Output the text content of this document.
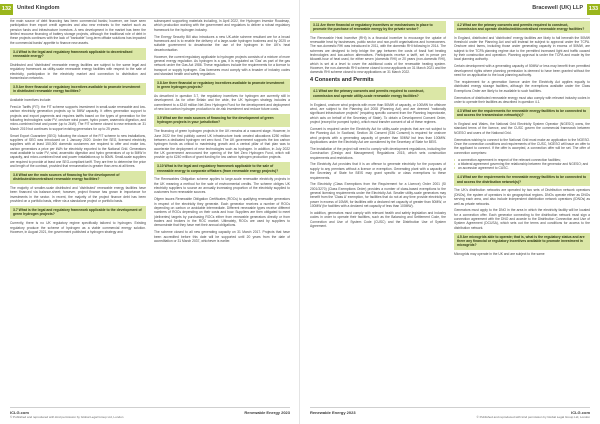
132	United Kingdom

the main source of debt financing has been commercial banks; however, we have seen participation from export credit agencies and also new entrants to the market such as pension funds and infrastructure investors. A new development in the market has been the limited recourse financing of battery storage projects, although the traditional role of debt in these projects continues with the lack of "bankable" long-term offtake solutions has impacted the commercial banks' appetite to finance new assets.

3.4 What is the legal and regulatory framework applicable to decentralised renewable energy?

Distributed and 'distributed' renewable energy facilities are subject to the same legal and regulatory framework as utility-scale renewable energy facilities with respect to the sale of electricity, participation in the electricity market and connection to distribution and transmission networks.

3.5 Are there financial or regulatory incentives available to promote investment in distributed renewable energy facilities?

Available incentives include:

Feed-in Tariffs (FIT): the FIT scheme supports investment in small-scale renewable and low-carbon electricity generation projects up to 5MW capacity. It offers generation support to projects and export payments and requires tariffs based on the types of generation for the following technologies: solar PV, onshore wind power, hydro power, anaerobic digestion, and micro-combined heat and power (up to 2kW). The FIT scheme closed to new entrants on 31 March 2019 but continues to support existing generators for up to 25 years.

Smart Export Guarantee (SEG): following the closure of the FIT scheme to new installations, suppliers of SEG was introduced on 1 January 2020. Under the SEG, licensed electricity suppliers with at least 150,000 domestic customers are required to offer and make low-carbon generators a price per kWh for electricity exported to the National Grid. Generators must available to solar PV, wind, anaerobic digestion and hydro generators of up to 5MW in capacity, and micro-combined heat and power installations up to 50kW. Small-scale suppliers are required to provide at least one SEG-compliant tariff. They are free to determine the price and length of the contract, provided that remuneration is greater than zero at all times.

3.6 What are the main sources of financing for the development of distributed/decentralised renewable energy facilities?

The majority of smaller-scale distributed and 'distributed' renewable energy facilities have been financed via balance-sheet; however, project finance has grown in importance for investments in the sector. In recent, the majority of the project finance debt has been provided on a portfolio basis, either via a standalone project or portfolio basis.

3.7 What is the legal and regulatory framework applicable to the development of green hydrogen projects?

Currently, there is no UK regulatory regime specifically tailored to hydrogen. Existing regulatory produce the scheme of hydrogen as a viable commercial energy solution. However, in August 2021, the government published a hydrogen strategy and

subsequent supporting materials including, in April 2022, the Hydrogen Investor Roadmap, which production working with the government and regulators to deliver a robust regulatory framework for the hydrogen industry.

The Energy Security Bill also introduces a new UK-wide scheme resultant are for a broad framework and is to enable the delivery of a large-scale hydrogen business and by 2025 or suitable government to decarbonise the use of the hydrogen in the UK's heat decarbonisation.

However, the current regulatory applicable to hydrogen projects consists of a mixture of more general energy regulation. As hydrogen is a gas, it is regulated as 'Gas' as part of the gas network under the Gas Act 1986. These regulations include the requirements for a licence to transport or supply hydrogen. Gas licensees must comply with a broader of industry codes and standard health and safety regulation.

3.8 Are there financial or regulatory incentives available to promote investment in green hydrogen projects?

As described in question 3.7, the regulatory incentives for hydrogen are currently still in development. As for other Britain and the wide, the UK hydrogen strategy includes a commitment to a £240 million Net Zero Hydrogen Fund for the development and deployment of new low carbon hydrogen production to de-risk investment and reduce future costs.

3.9 What are the main sources of financing for the development of green hydrogen projects in your jurisdiction?

The financing of green hydrogen projects in the UK remains at a nascent stage. However, in June 2022 the first publicly owned UK infrastructure bank created allocations £250 million between a dedicated hydrogen net zero fund. The UK government supports the low carbon hydrogen funds as critical to maximising growth and a central pillar of that plan was to accelerate the deployment of new technologies such as hydrogen. In addition, in July 2022 the UK government announced the opening of the Net Zero Hydrogen Fund, which will provide up to £240 million of grant funding for low carbon hydrogen production projects.

3.10 What is the legal and regulatory framework applicable to the sale of renewable energy to corporate offtakers (from renewable energy projects)?

The Renewables Obligation scheme applies to large-scale renewable electricity projects in the UK meaning a method for the sale of environmental credits. The scheme obliges UK electricity suppliers to source an annually increasing proportion of the electricity supplied to customers from renewable sources.

Ofgem issues Renewable Obligation Certificates (ROCs) to qualifying renewable generators in respect of the electricity they generate. Each generator receives a number of ROCs depending on carbon or avoidable intermediate. Different renewable types receive different numbers of ROCs depending on their costs and how. Suppliers are then obligated to meet (deliveries) targets by purchasing ROCs either from renewable generators directly or from traders and brokers in the ROC market. Ultimately, ROCs are used by suppliers to demonstrate that they have met their annual obligations.

The scheme closed to all new generating capacity on 31 March 2017. Projects that have been accredited before this date will be supported until 20 years from the date of accreditation or 31 March 2037, whichever is earlier.

ICLG.com
© Published and reproduced with kind permission by Global Legal Group Ltd, London
Renewable Energy 2023
133
Bracewell (UK) LLP
3.11 Are there financial or regulatory incentives or mechanisms in place to promote the purchase of renewable energy by the private sector?

The Renewable Heat Incentive (RHI) is a financial incentive to encourage the uptake of renewable heat by businesses, public sector and non-profit organisations and homeowners. The non-domestic RHI was introduced in 2011, with the domestic RHI following in 2014. The schemes are designed to help bridge the gap between the costs of fossil fuel heating technologies and low-carbon alternatives. Participants receive a tariff, set in pence per kilowatt-hour of heat used, for either seven (domestic RHI) or 20 years (non-domestic RHI), which is set at a level to cover the additional costs of the renewable heating system. However, the non-domestic RHI scheme closed to new applicants on 31 March 2021 and the domestic RHI scheme closed to new applications on 31 March 2022.

4 Consents and Permits
4.1 What are the primary consents and permits required to construct, commission and operate utility-scale renewable energy facilities?

In England, onshore wind projects with more than 50MW of capacity, or 100MW for offshore wind, are subject to the Planning Act 2008 (Planning Act) and are deemed "nationally significant infrastructure projects" (requiring specific consent from the Planning Inspectorate, which acts on behalf of the Secretary of State). To obtain a Development Consent Order, project (except for pumped hydro), which must transfer consent of all of these regimes.

Consent is required under the Electricity Act for utility-scale projects that are not subject to the Planning Act. In Scotland, Section 36 Consent (S36 Consent) is required for onshore wind projects with a generating capacity of greater than 50MW but less than 100MW. Applications under the Electricity Act are considered by the Secretary of State for BEIS.

The installation of the project will need to comply with development regulations, including the Construction (Design and Management) Regulations 2015, which sets construction requirements and restrictions.

The Electricity Act provides that it is an offence to generate electricity for the purposes of supply to any premises without a licence or exemption. Generating plant with a capacity at the Secretary of State for BEIS may grant specific or class exemptions to these requirements.

The Electricity (Class Exemptions from the Requirement for a Licence) Order 2001 (SI 2001/3270) (Class Exemptions Order) provides a number of class-based exemptions to the general licensing requirements under the Electricity Act. Smaller utility-scale generators may benefit from the 'Class A' exemption, for facilities that do not at any time provide electricity in power in excess of 10MW, for facilities with a declared net capacity of greater than 50MW, or 100MW (for facilities with a declared net capacity of less than 100MW).

In addition, generators must comply with relevant health and safety legislation and industry codes in order to operate their facilities, such as the Balancing and Settlement Code, the Connection and Use of System Code (CUSC) and the Distribution Use of System Agreement.

4.2 What are the primary consents and permits required to construct, commission and operate distributed/decentralised renewable energy facilities?

In England, distributed and 'distributed' energy facilities are likely to fall beneath the 50MW threshold under the Planning Act and will instead be subject to approval under the TCPA. Onshore wind farms, including those under generating capacity in excess of 50MW, are subject to the TCPA planning regime due to the permitted increased light and traffic caused by their construction and operation. Planning approval is under the TCPA and made by the local planning authority.

Certain development with a generating capacity of 50MW or less may benefit from permitted development rights where planning permission is deemed to have been granted without the need for an application to the local planning authority.

The requirement for a generation licence under the Electricity Act applies equally to distributed energy storage facilities, although the exemptions available under the Class Exemptions Order are likely to be available to such facilities.

Generators of distributed renewable energy must also comply with relevant industry codes in order to operate their facilities as described in question 4.1.

4.3 What are the requirements for renewable energy facilities to be connected to and access the transmission network(s)?

In England and Wales, the National Grid Electricity System Operator (NGESO) owns, the standard terms of the licence, and the CUSC govern the commercial framework between NGESO and users of the National Grid.

Generators wishing to connect to the National Grid must make an application to the NGESO. Once the connection conditions and requirements of the CUSC, NGESO will issue an offer to the applicant to connect. If the offer is accepted, a connection offer will be set. The offer of connection comprises:

• a connection agreement in respect of the relevant connection facilities;
• a bilateral agreement governing the relationship between the generator and NGESO; and
• an accession agreement to CUSC.
4.4 What are the requirements for renewable energy facilities to be connected to and access the distribution network(s)?

The UK's distribution networks are operated by two sets of Distribution network operators (DNOs), the system of operators in six geographical regions. DNOs operate either as DNOs serving each area, and also include independent distribution network operators (IDNOs) as well as private networks.

Generators must apply to the DNO in the area in which the electricity facility will be located for a connection offer. Each generator connecting to the distribution network must sign a connection agreement with the DNO and accede to the Distribution Connection and Use of System Agreement (DCUSA), which sets out the terms and conditions for access to the distribution network.

4.5 Are microgrids able to operate; that is, what is the regulatory status and are there any financial or regulatory incentives available to promote investment in microgrids?

Microgrids may operate in the UK and are subject to the same

Renewable Energy 2023	ICLG.com
© Published and reproduced with kind permission by Global Legal Group Ltd, London
